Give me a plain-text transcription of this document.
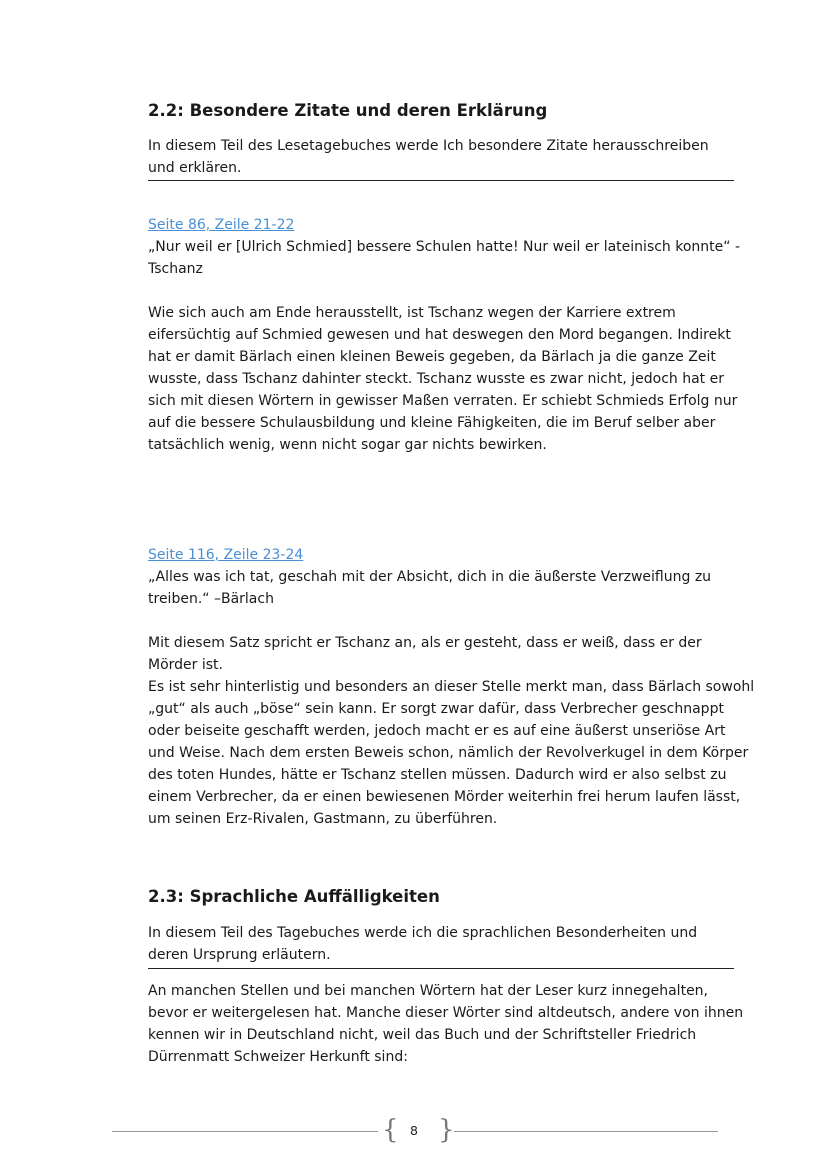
2.2: Besondere Zitate und deren Erklärung

In diesem Teil des Lesetagebuches werde Ich besondere Zitate herausschreiben und erklären.

Seite 86, Zeile 21-22
„Nur weil er [Ulrich Schmied] bessere Schulen hatte! Nur weil er lateinisch konnte“ -
Tschanz
Wie sich auch am Ende herausstellt, ist Tschanz wegen der Karriere extrem
eifersüchtig auf Schmied gewesen und hat deswegen den Mord begangen. Indirekt
hat er damit Bärlach einen kleinen Beweis gegeben, da Bärlach ja die ganze Zeit
wusste, dass Tschanz dahinter steckt. Tschanz wusste es zwar nicht, jedoch hat er
sich mit diesen Wörtern in gewisser Maßen verraten. Er schiebt Schmieds Erfolg nur
auf die bessere Schulausbildung und kleine Fähigkeiten, die im Beruf selber aber
tatsächlich wenig, wenn nicht sogar gar nichts bewirken.
Seite 116, Zeile 23-24
„Alles was ich tat, geschah mit der Absicht, dich in die äußerste Verzweiflung zu
treiben.“ –Bärlach
Mit diesem Satz spricht er Tschanz an, als er gesteht, dass er weiß, dass er der
Mörder ist.
Es ist sehr hinterlistig und besonders an dieser Stelle merkt man, dass Bärlach sowohl
„gut“ als auch „böse“ sein kann. Er sorgt zwar dafür, dass Verbrecher geschnappt
oder beiseite geschafft werden, jedoch macht er es auf eine äußerst unseriöse Art
und Weise. Nach dem ersten Beweis schon, nämlich der Revolverkugel in dem Körper
des toten Hundes, hätte er Tschanz stellen müssen. Dadurch wird er also selbst zu
einem Verbrecher, da er einen bewiesenen Mörder weiterhin frei herum laufen lässt,
um seinen Erz-Rivalen, Gastmann, zu überführen.
2.3: Sprachliche Auffälligkeiten

In diesem Teil des Tagebuches werde ich die sprachlichen Besonderheiten und deren Ursprung erläutern.

An manchen Stellen und bei manchen Wörtern hat der Leser kurz innegehalten,
bevor er weitergelesen hat. Manche dieser Wörter sind altdeutsch, andere von ihnen
kennen wir in Deutschland nicht, weil das Buch und der Schriftsteller Friedrich
Dürrenmatt Schweizer Herkunft sind:
{ 8 }
